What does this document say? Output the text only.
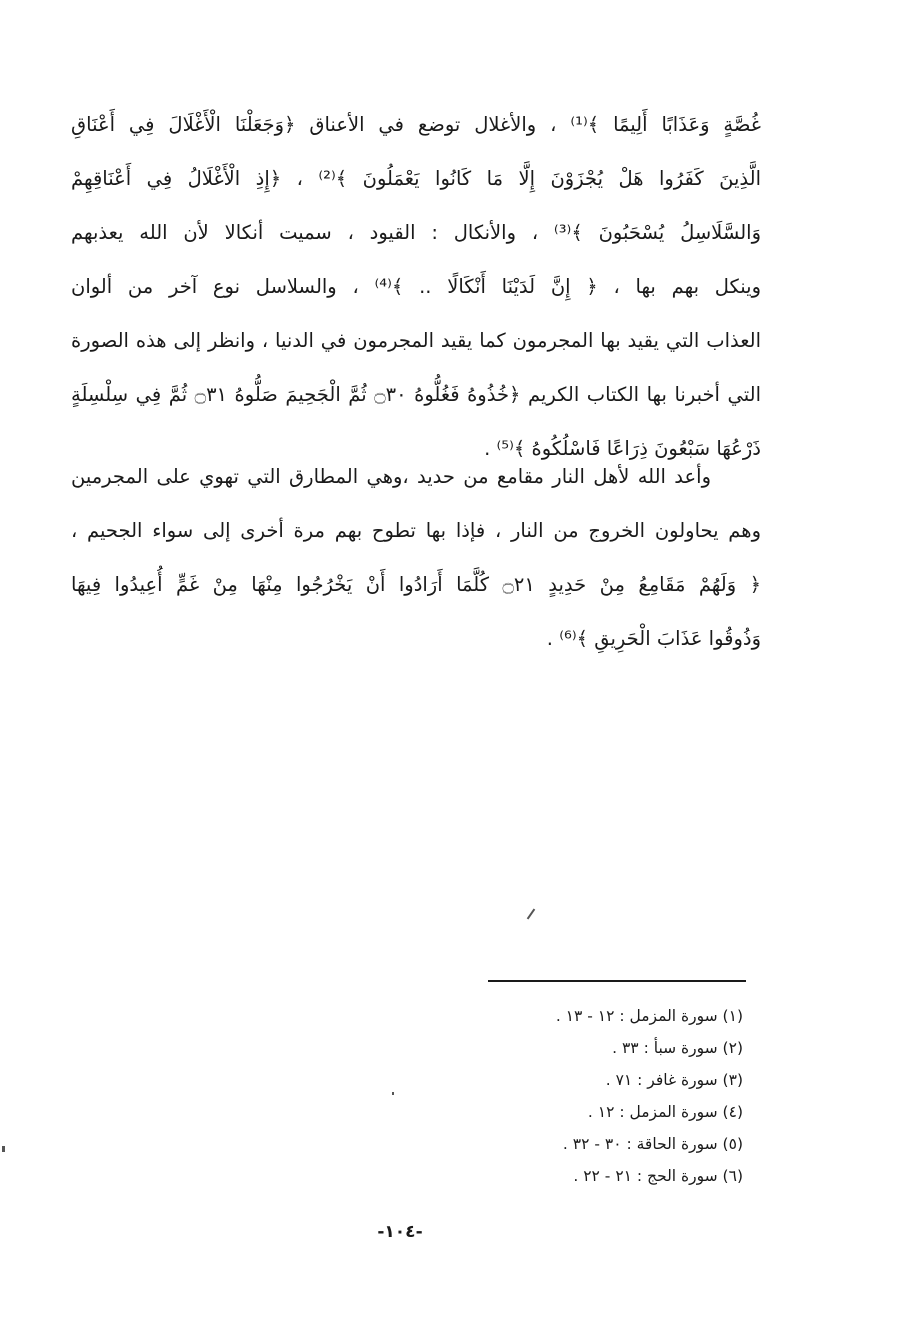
غُصَّةٍ وَعَذَابًا أَلِيمًا ﴾⁽¹⁾ ، والأغلال توضع في الأعناق ﴿وَجَعَلْنَا الْأَغْلَالَ فِي أَعْنَاقِ
الَّذِينَ كَفَرُوا هَلْ يُجْزَوْنَ إِلَّا مَا كَانُوا يَعْمَلُونَ ﴾⁽²⁾ ، ﴿إِذِ الْأَغْلَالُ فِي أَعْنَاقِهِمْ
وَالسَّلَاسِلُ يُسْحَبُونَ ﴾⁽³⁾ ، والأنكال : القيود ، سميت أنكالا لأن الله يعذبهم
وينكل بهم بها ، ﴿ إِنَّ لَدَيْنَا أَنْكَالًا .. ﴾⁽⁴⁾ ، والسلاسل نوع آخر من ألوان
العذاب التي يقيد بها المجرمون كما يقيد المجرمون في الدنيا ، وانظر إلى هذه الصورة
التي أخبرنا بها الكتاب الكريم ﴿خُذُوهُ فَغُلُّوهُ ۝٣٠ ثُمَّ الْجَحِيمَ صَلُّوهُ ۝٣١ ثُمَّ فِي سِلْسِلَةٍ
ذَرْعُهَا سَبْعُونَ ذِرَاعًا فَاسْلُكُوهُ ﴾⁽⁵⁾ .
وأعد الله لأهل النار مقامع من حديد ،وهي المطارق التي تهوي على المجرمين
وهم يحاولون الخروج من النار ، فإذا بها تطوح بهم مرة أخرى إلى سواء الجحيم ،
﴿ وَلَهُمْ مَقَامِعُ مِنْ حَدِيدٍ ۝٢١ كُلَّمَا أَرَادُوا أَنْ يَخْرُجُوا مِنْهَا مِنْ غَمٍّ أُعِيدُوا فِيهَا
وَذُوقُوا عَذَابَ الْحَرِيقِ ﴾⁽⁶⁾ .
(١) سورة المزمل : ١٢ - ١٣ .
(٢) سورة سبأ : ٣٣ .
(٣) سورة غافر : ٧١ .
(٤) سورة المزمل : ١٢ .
(٥) سورة الحاقة : ٣٠ - ٣٢ .
(٦) سورة الحج : ٢١ - ٢٢ .
-١٠٤-
